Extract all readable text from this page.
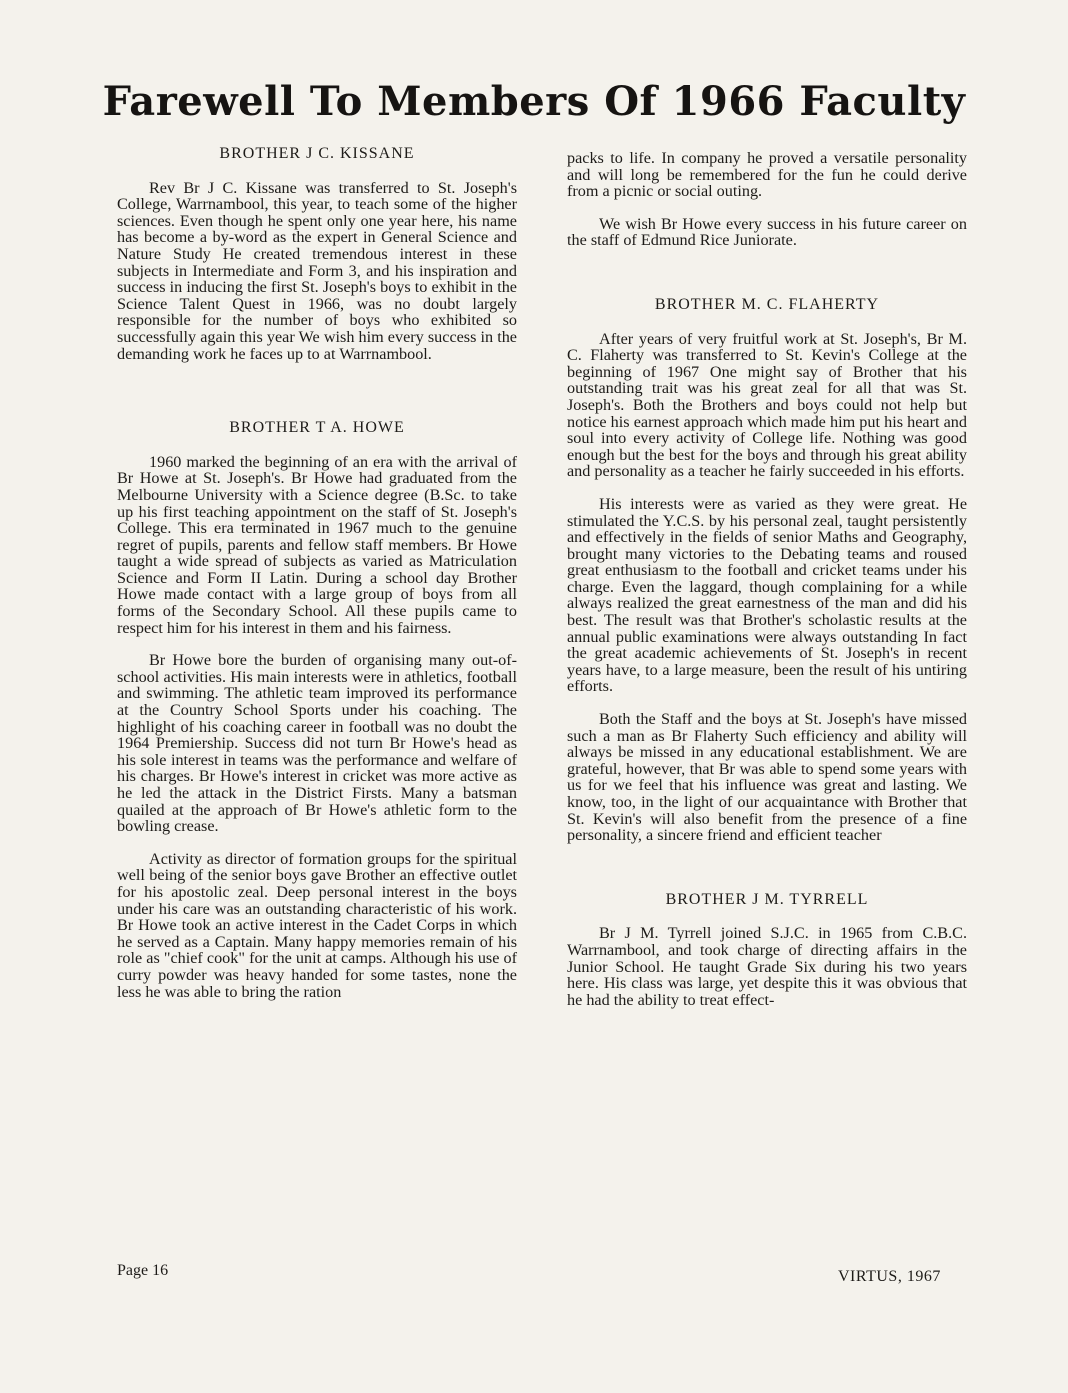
Farewell To Members Of 1966 Faculty
BROTHER J C. KISSANE

Rev Br J C. Kissane was transferred to St. Joseph's College, Warrnambool, this year, to teach some of the higher sciences. Even though he spent only one year here, his name has become a by-word as the expert in General Science and Nature Study He created tremendous interest in these subjects in Intermediate and Form 3, and his inspiration and success in inducing the first St. Joseph's boys to exhibit in the Science Talent Quest in 1966, was no doubt largely responsible for the number of boys who exhibited so successfully again this year We wish him every success in the demanding work he faces up to at Warrnambool.

BROTHER T A. HOWE

1960 marked the beginning of an era with the arrival of Br Howe at St. Joseph's. Br Howe had graduated from the Melbourne University with a Science degree (B.Sc. to take up his first teaching appointment on the staff of St. Joseph's College. This era terminated in 1967 much to the genuine regret of pupils, parents and fellow staff members. Br Howe taught a wide spread of subjects as varied as Matriculation Science and Form II Latin. During a school day Brother Howe made contact with a large group of boys from all forms of the Secondary School. All these pupils came to respect him for his interest in them and his fairness.

Br Howe bore the burden of organising many out-of-school activities. His main interests were in athletics, football and swimming. The athletic team improved its performance at the Country School Sports under his coaching. The highlight of his coaching career in football was no doubt the 1964 Premiership. Success did not turn Br Howe's head as his sole interest in teams was the performance and welfare of his charges. Br Howe's interest in cricket was more active as he led the attack in the District Firsts. Many a batsman quailed at the approach of Br Howe's athletic form to the bowling crease.

Activity as director of formation groups for the spiritual well being of the senior boys gave Brother an effective outlet for his apostolic zeal. Deep personal interest in the boys under his care was an outstanding characteristic of his work. Br Howe took an active interest in the Cadet Corps in which he served as a Captain. Many happy memories remain of his role as "chief cook" for the unit at camps. Although his use of curry powder was heavy handed for some tastes, none the less he was able to bring the ration

packs to life. In company he proved a versatile personality and will long be remembered for the fun he could derive from a picnic or social outing.

We wish Br Howe every success in his future career on the staff of Edmund Rice Juniorate.

BROTHER M. C. FLAHERTY

After years of very fruitful work at St. Joseph's, Br M. C. Flaherty was transferred to St. Kevin's College at the beginning of 1967 One might say of Brother that his outstanding trait was his great zeal for all that was St. Joseph's. Both the Brothers and boys could not help but notice his earnest approach which made him put his heart and soul into every activity of College life. Nothing was good enough but the best for the boys and through his great ability and personality as a teacher he fairly succeeded in his efforts.

His interests were as varied as they were great. He stimulated the Y.C.S. by his personal zeal, taught persistently and effectively in the fields of senior Maths and Geography, brought many victories to the Debating teams and roused great enthusiasm to the football and cricket teams under his charge. Even the laggard, though complaining for a while always realized the great earnestness of the man and did his best. The result was that Brother's scholastic results at the annual public examinations were always outstanding In fact the great academic achievements of St. Joseph's in recent years have, to a large measure, been the result of his untiring efforts.

Both the Staff and the boys at St. Joseph's have missed such a man as Br Flaherty Such efficiency and ability will always be missed in any educational establishment. We are grateful, however, that Br was able to spend some years with us for we feel that his influence was great and lasting. We know, too, in the light of our acquaintance with Brother that St. Kevin's will also benefit from the presence of a fine personality, a sincere friend and efficient teacher

BROTHER J M. TYRRELL

Br J M. Tyrrell joined S.J.C. in 1965 from C.B.C. Warrnambool, and took charge of directing affairs in the Junior School. He taught Grade Six during his two years here. His class was large, yet despite this it was obvious that he had the ability to treat effect-

Page 16	VIRTUS, 1967
